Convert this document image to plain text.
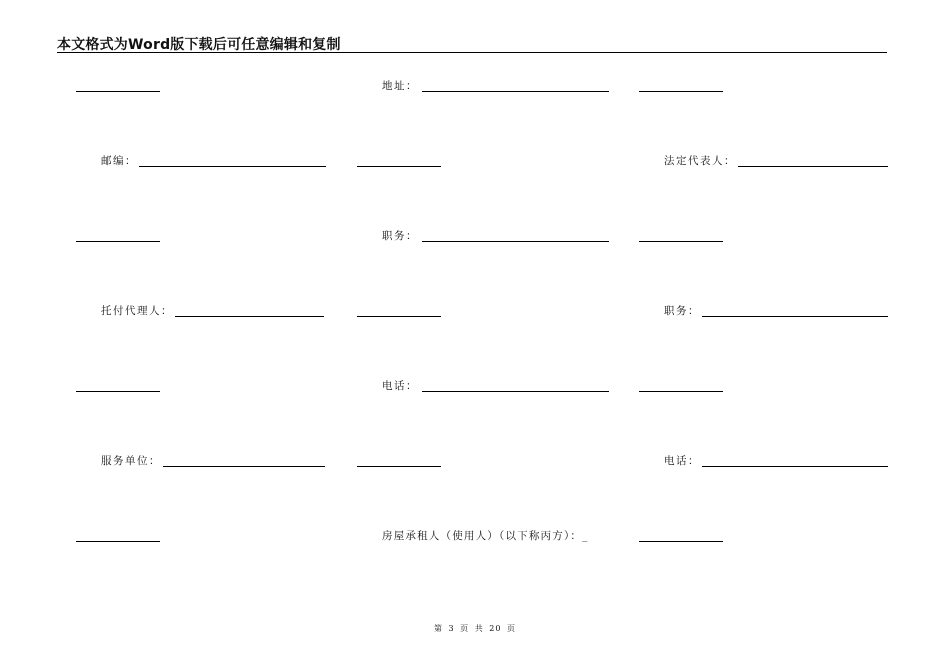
本文格式为Word版下载后可任意编辑和复制
地址：
邮编：	法定代表人：
职务：
托付代理人：	职务：
电话：
服务单位：	电话：
房屋承租人（使用人）（以下称丙方）：_
第 3 页 共 20 页
